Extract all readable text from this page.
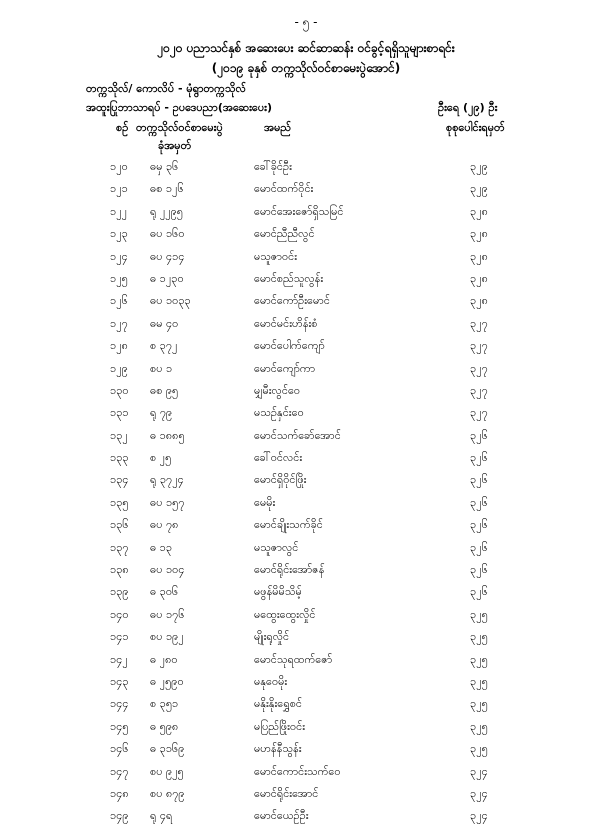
- ၅ -
၂၀၂၀ ပညာသင်နှစ် အဆေးပေး ဆင်ဆာဆန်း ဝင်ခွင့်ရရှိသူများစာရင်း
(၂၀၁၉ ခုနှစ် တက္ကသိုလ်ဝင်စာမေးပွဲအောင်)
တက္ကသိုလ်/ ကောလိပ် - မုံရွာတက္ကသိုလ်
အထူးပြုဘာသာရပ် - ဥပဒေပညာ(အဆေးပေး)	ဦးရေ (၂၉) ဦး
စဉ် တက္ကသိုလ်ဝင်စာမေးပွဲ
ခုံအမှတ်
အမည်	စုစုပေါင်းရမှတ်
၁၂၀ ဓမှ ၃၆	ခေါ်ခိုင်ဦး	၃၂၉
၁၂၁ ဓစ ၁၂၆	မောင်ထက်ဝိုင်း	၃၂၉
၁၂၂ ရု ၂၂၉၅	မောင်အေးဇော်ရှိသမြင်	၃၂၈
၁၂၃ ဓပ ၁၆၀	မောင်ညီညီလွင်	၃၂၈
၁၂၄ ဓပ ၄၁၄	မသူဇာဝင်း	၃၂၈
၁၂၅ ဓ ၁၂၃၀	မောင်စည်သူလွန်း	၃၂၈
၁၂၆ ဓပ ၁၀၃၃	မောင်ကော်ဦးမောင်	၃၂၈
၁၂၇ ဓမ ၄၀	မောင်မင်းဟိန်းစံ	၃၂၇
၁၂၈ စ ၃၇၂	မောင်ပေါက်ကျော်	၃၂၇
၁၂၉ စပ ၁	မောင်ကျော်ကာ	၃၂၇
၁၃၀ ဓစ ၉၅	မျှမီးလွင်ဝေ	၃၂၇
၁၃၁ ရု ၇၉	မသဉ်နှင်းဝေ	၃၂၇
၁၃၂ ဓ ၁၈၈၅	မောင်သက်ခော်အောင်	၃၂၆
၁၃၃ စ ၂၅	ခေါ်ဝင်လင်း	၃၂၆
၁၃၄ ရု ၃၇၂၄	မောင်ရှိဝိုင်ဖြိုး	၃၂၆
၁၃၅ ဓပ ၁၅၇	မေမိုး	၃၂၆
၁၃၆ ဓပ ၇၈	မောင်ချိုးသက်ခိုင်	၃၂၆
၁၃၇ ဓ ၁၃	မသူဇာလွင်	၃၂၆
၁၃၈ ဓပ ၁၀၄	မောင်ရိုင်းအော်ဇန်	၃၂၆
၁၃၉ ဓ ၃၀၆	မဖွန်မိမိသိမ့်	၃၂၆
၁၄၀ ဓပ ၁၇၆	မထွေးထွေးလှိုင်	၃၂၅
၁၄၁ စပ ၁၉၂	မျိုးရုလှိုင်	၃၂၅
၁၄၂ ဓ ၂၈၀	မောင်သုရထက်ဇော်	၃၂၅
၁၄၃ ဓ ၂၅၉၀	မနုဝေမိုး	၃၂၅
၁၄၄ စ ၃၅၁	မနိုးနိုးရွှေစင်	၃၂၅
၁၄၅ ဓ ၅၉၈	မပြည်ဖြိုးဝင်း	၃၂၅
၁၄၆ ဓ ၃၁၆၉	မဟန်နီသွန်း	၃၂၅
၁၄၇ စပ ၉၂၅	မောင်ကောင်းသက်ဝေ	၃၂၄
၁၄၈ စပ ၈၇၉	မောင်ရိုင်းအောင်	၃၂၄
၁၄၉ ရု ၄ရ	မောင်ယေဉ်ဦး	၃၂၄
